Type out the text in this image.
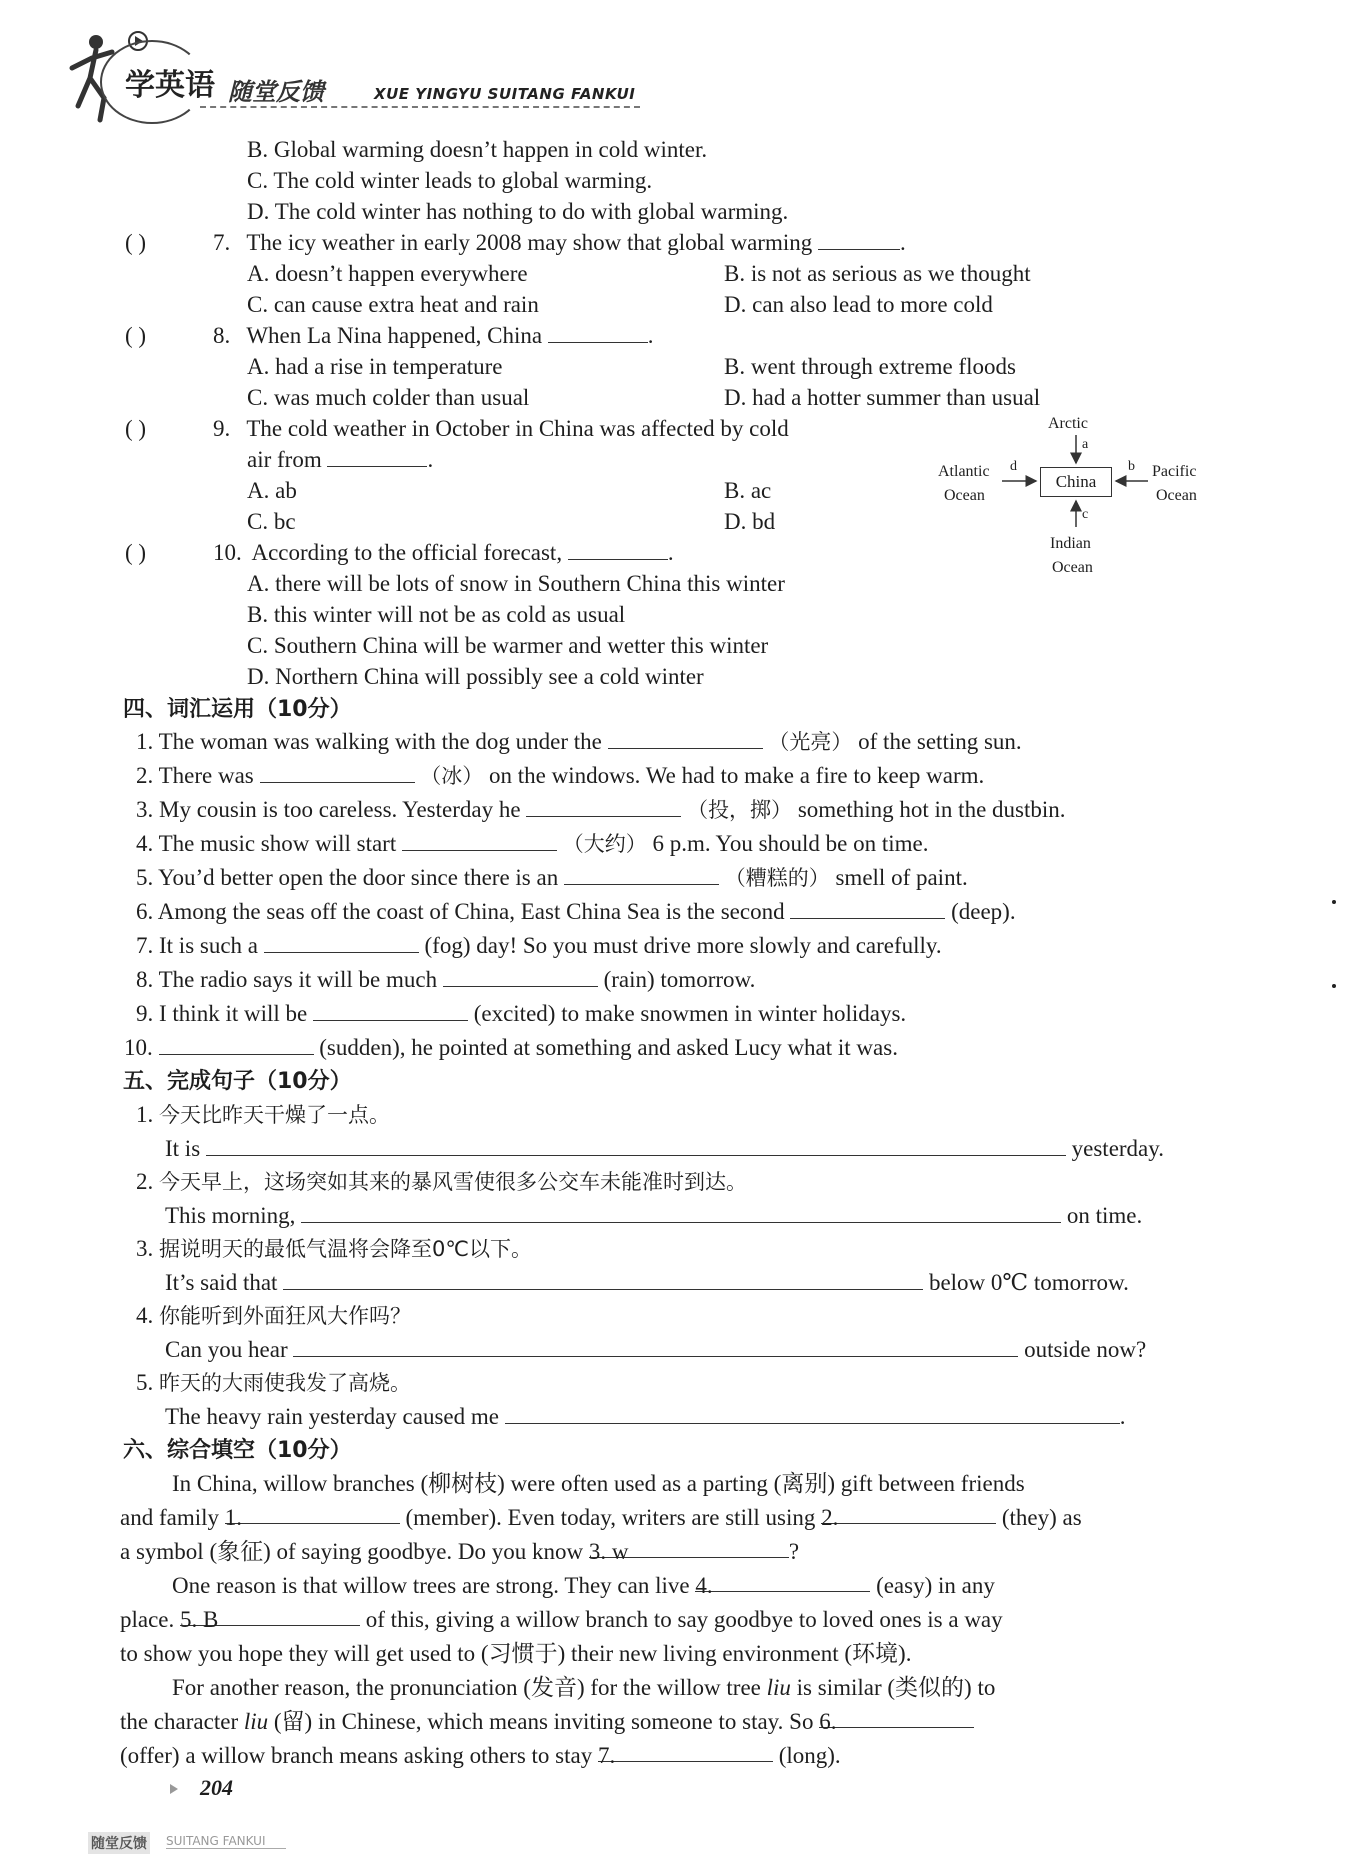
学英语 随堂反馈	XUE YINGYU SUITANG FANKUI
B. Global warming doesn’t happen in cold winter.
C. The cold winter leads to global warming.
D. The cold winter has nothing to do with global warming.
( )	7. The icy weather in early 2008 may show that global warming	.
A. doesn’t happen everywhere	B. is not as serious as we thought
C. can cause extra heat and rain	D. can also lead to more cold
( )	8. When La Nina happened, China	.
A. had a rise in temperature	B. went through extreme floods
C. was much colder than usual	D. had a hotter summer than usual
( )	9. The cold weather in October in China was affected by cold
air from	.
A. ab	B. ac
C. bc	D. bd
Arctic
a
Atlantic
Ocean
d	b Pacific
Ocean
China
c
Indian
Ocean
( )	10. According to the official forecast,	.
A. there will be lots of snow in Southern China this winter
B. this winter will not be as cold as usual
C. Southern China will be warmer and wetter this winter
D. Northern China will possibly see a cold winter
四、词汇运用（10分）
1. The woman was walking with the dog under the	（光亮） of the setting sun.
2. There was	（冰） on the windows. We had to make a fire to keep warm.
3. My cousin is too careless. Yesterday he	（投，掷） something hot in the dustbin.
4. The music show will start	（大约） 6 p.m. You should be on time.
5. You’d better open the door since there is an	（糟糕的） smell of paint.
6. Among the seas off the coast of China, East China Sea is the second	(deep).
7. It is such a	(fog) day! So you must drive more slowly and carefully.
8. The radio says it will be much	(rain) tomorrow.
9. I think it will be	(excited) to make snowmen in winter holidays.
10.	(sudden), he pointed at something and asked Lucy what it was.
五、完成句子（10分）
1. 今天比昨天干燥了一点。
It is	yesterday.
2. 今天早上，这场突如其来的暴风雪使很多公交车未能准时到达。
This morning,	on time.
3. 据说明天的最低气温将会降至0℃以下。
It’s said that	below 0℃ tomorrow.
4. 你能听到外面狂风大作吗？
Can you hear	outside now?
5. 昨天的大雨使我发了高烧。
The heavy rain yesterday caused me	.
六、综合填空（10分）
In China, willow branches (柳树枝) were often used as a parting (离别) gift between friends
and family 1.	(member). Even today, writers are still using 2.	(they) as
a symbol (象征) of saying goodbye. Do you know 3. w	?
One reason is that willow trees are strong. They can live 4.	(easy) in any
place. 5. B	of this, giving a willow branch to say goodbye to loved ones is a way
to show you hope they will get used to (习惯于) their new living environment (环境).
For another reason, the pronunciation (发音) for the willow tree liu is similar (类似的) to
the character liu (留) in Chinese, which means inviting someone to stay. So 6.
(offer) a willow branch means asking others to stay 7.	(long).
204
随堂反馈 SUITANG FANKUI
